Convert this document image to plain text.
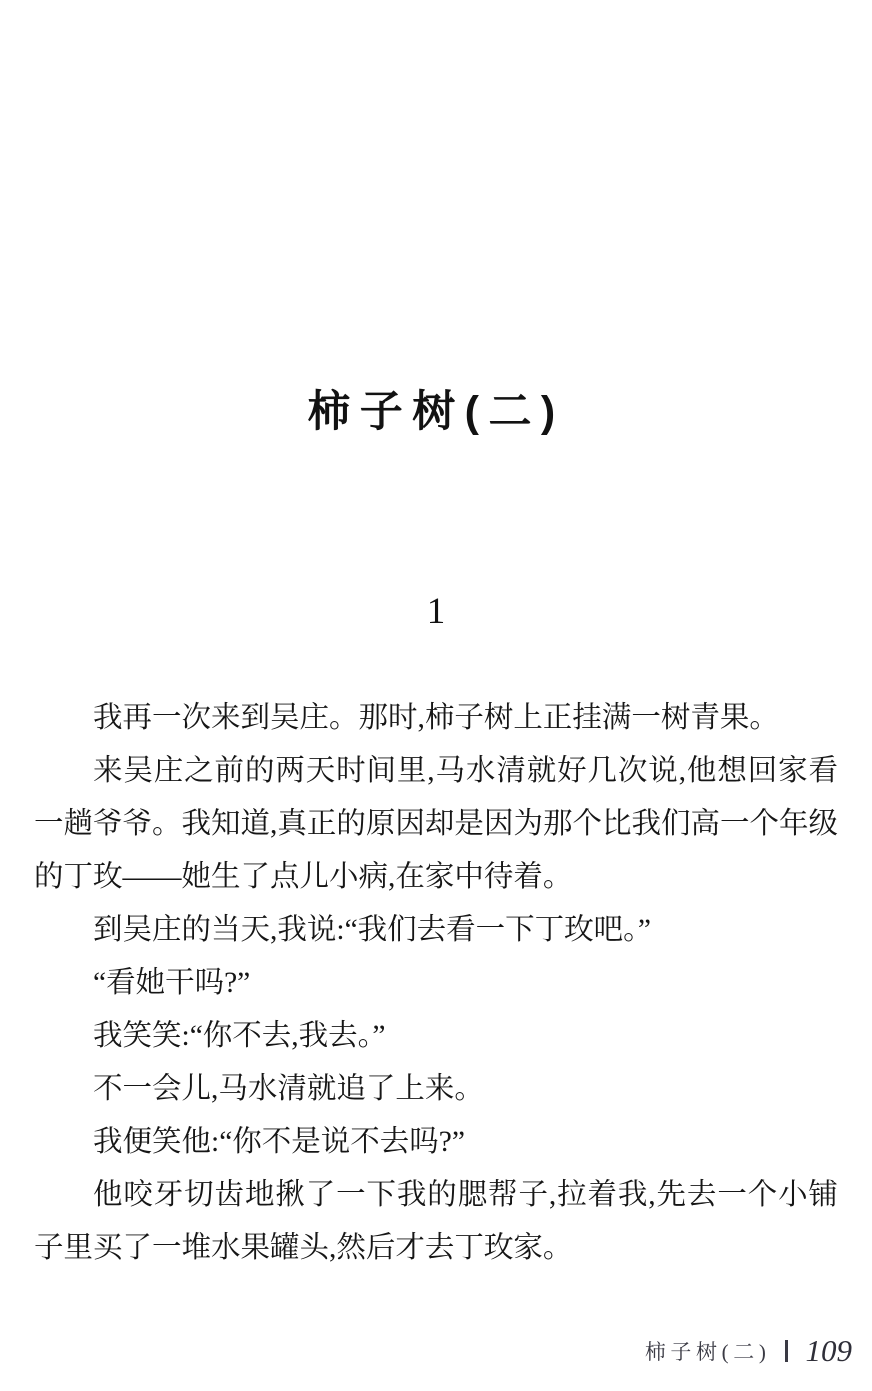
柿子树(二)
1

我再一次来到吴庄。那时,柿子树上正挂满一树青果。

来吴庄之前的两天时间里,马水清就好几次说,他想回家看一趟爷爷。我知道,真正的原因却是因为那个比我们高一个年级的丁玫——她生了点儿小病,在家中待着。

到吴庄的当天,我说:“我们去看一下丁玫吧。”

“看她干吗?”

我笑笑:“你不去,我去。”

不一会儿,马水清就追了上来。

我便笑他:“你不是说不去吗?”

他咬牙切齿地揪了一下我的腮帮子,拉着我,先去一个小铺子里买了一堆水果罐头,然后才去丁玫家。

柿子树(二) 109
